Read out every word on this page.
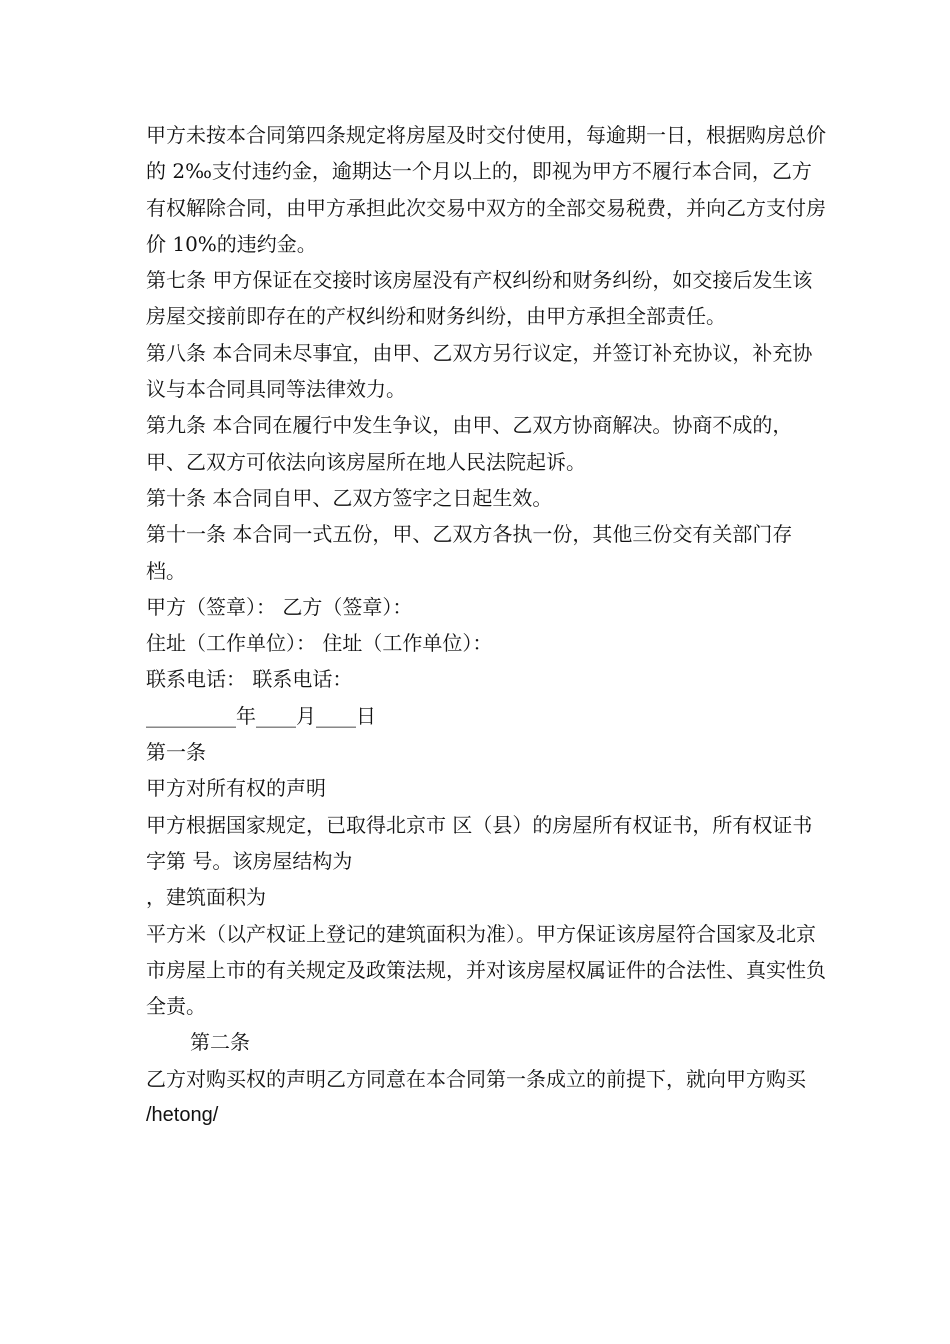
甲方未按本合同第四条规定将房屋及时交付使用，每逾期一日，根据购房总价的 2‰支付违约金，逾期达一个月以上的，即视为甲方不履行本合同，乙方有权解除合同，由甲方承担此次交易中双方的全部交易税费，并向乙方支付房价 10%的违约金。

第七条 甲方保证在交接时该房屋没有产权纠纷和财务纠纷，如交接后发生该房屋交接前即存在的产权纠纷和财务纠纷，由甲方承担全部责任。

第八条 本合同未尽事宜，由甲、乙双方另行议定，并签订补充协议，补充协议与本合同具同等法律效力。

第九条 本合同在履行中发生争议，由甲、乙双方协商解决。协商不成的，甲、乙双方可依法向该房屋所在地人民法院起诉。

第十条 本合同自甲、乙双方签字之日起生效。

第十一条 本合同一式五份，甲、乙双方各执一份，其他三份交有关部门存档。

甲方（签章）： 乙方（签章）：

住址（工作单位）： 住址（工作单位）：

联系电话： 联系电话：

_________年____月____日

第一条

甲方对所有权的声明

甲方根据国家规定，已取得北京市 区（县）的房屋所有权证书，所有权证书 字第 号。该房屋结构为

，建筑面积为

平方米（以产权证上登记的建筑面积为准）。甲方保证该房屋符合国家及北京市房屋上市的有关规定及政策法规，并对该房屋权属证件的合法性、真实性负全责。

第二条

乙方对购买权的声明乙方同意在本合同第一条成立的前提下，就向甲方购买

/hetong/
